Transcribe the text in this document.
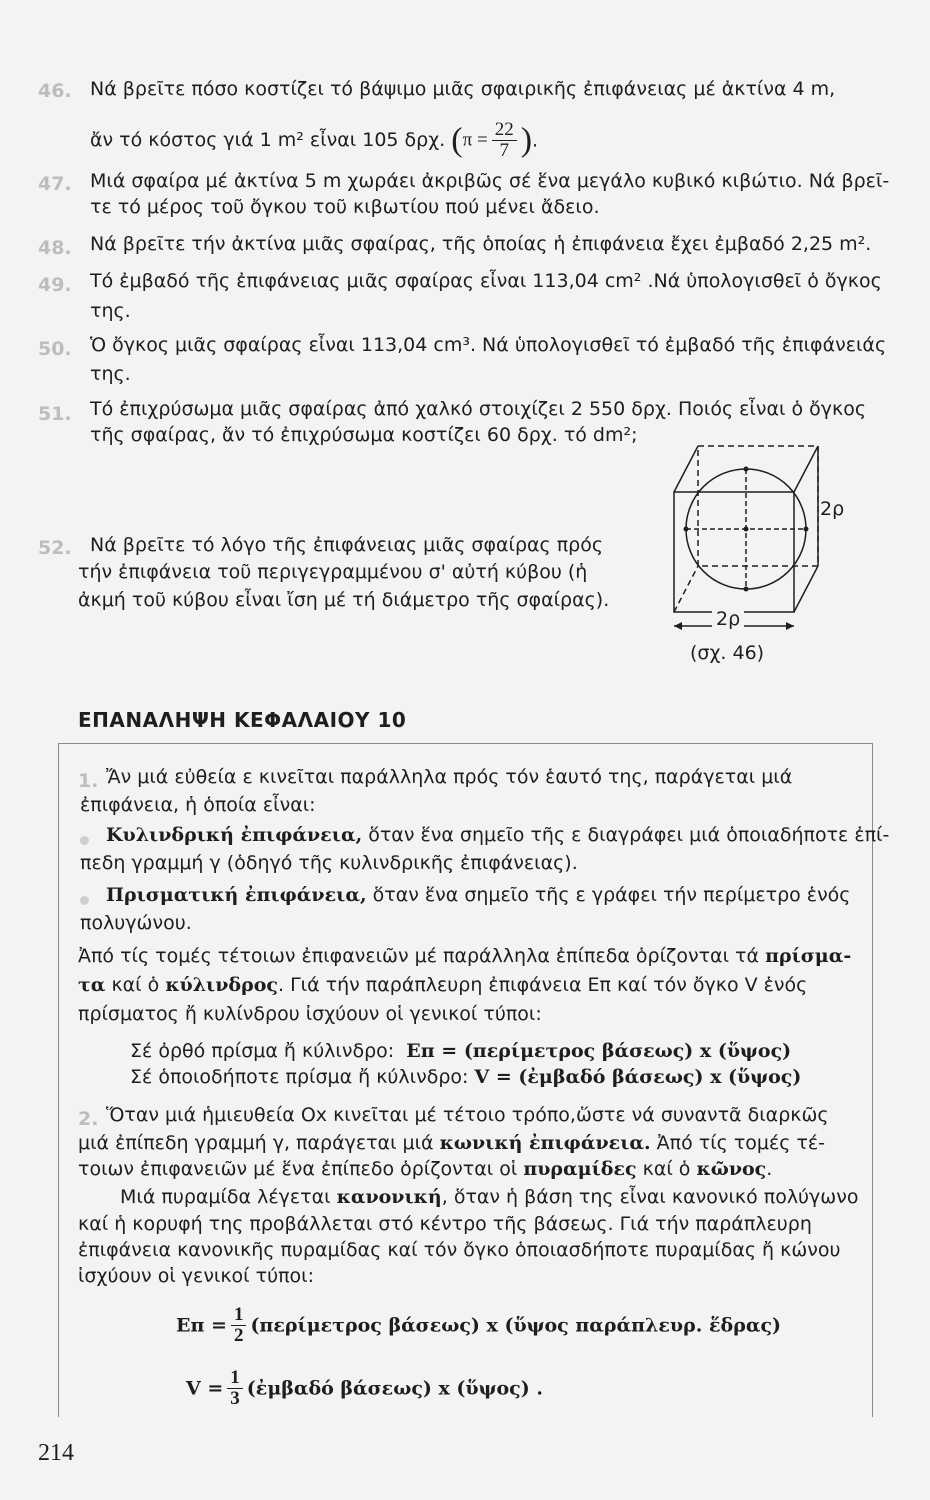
46. Νά βρεῖτε πόσο κοστίζει τό βάψιμο μιᾶς σφαιρικῆς ἐπιφάνειας μέ ἀκτίνα 4 m,
ἄν τό κόστος γιά 1 m² εἶναι 105 δρχ. ($\pi = \frac{22}{7}$ ).
47. Μιά σφαίρα μέ ἀκτίνα 5 m χωράει ἀκριβῶς σέ ἕνα μεγάλο κυβικό κιβώτιο. Νά βρεῖ-
τε τό μέρος τοῦ ὄγκου τοῦ κιβωτίου πού μένει ἄδειο.
48. Νά βρεῖτε τήν ἀκτίνα μιᾶς σφαίρας, τῆς ὁποίας ἡ ἐπιφάνεια ἔχει ἐμβαδό 2,25 m².
49. Τό ἐμβαδό τῆς ἐπιφάνειας μιᾶς σφαίρας εἶναι 113,04 cm² .Νά ὑπολογισθεῖ ὁ ὄγκος
της.
50. Ὁ ὄγκος μιᾶς σφαίρας εἶναι 113,04 cm³. Νά ὑπολογισθεῖ τό ἐμβαδό τῆς ἐπιφάνειάς
της.
51. Τό ἐπιχρύσωμα μιᾶς σφαίρας ἀπό χαλκό στοιχίζει 2 550 δρχ. Ποιός εἶναι ὁ ὄγκος
τῆς σφαίρας, ἄν τό ἐπιχρύσωμα κοστίζει 60 δρχ. τό dm²;
52. Νά βρεῖτε τό λόγο τῆς ἐπιφάνειας μιᾶς σφαίρας πρός
τήν ἐπιφάνεια τοῦ περιγεγραμμένου σ' αὐτή κύβου (ἡ
ἀκμή τοῦ κύβου εἶναι ἴση μέ τή διάμετρο τῆς σφαίρας).
2ρ
2ρ
(σχ. 46)
ΕΠΑΝΑΛΗΨΗ ΚΕΦΑΛΑΙΟΥ 10
1. Ἄν μιά εὐθεία ε κινεῖται παράλληλα πρός τόν ἑαυτό της, παράγεται μιά
ἐπιφάνεια, ἡ ὁποία εἶναι:
Κυλινδρική ἐπιφάνεια, ὅταν ἕνα σημεῖο τῆς ε διαγράφει μιά ὁποιαδήποτε ἐπί-
πεδη γραμμή γ (ὁδηγό τῆς κυλινδρικῆς ἐπιφάνειας).
Πρισματική ἐπιφάνεια, ὅταν ἕνα σημεῖο τῆς ε γράφει τήν περίμετρο ἑνός
πολυγώνου.
Ἀπό τίς τομές τέτοιων ἐπιφανειῶν μέ παράλληλα ἐπίπεδα ὁρίζονται τά πρίσμα-
τα καί ὁ κύλινδρος. Γιά τήν παράπλευρη ἐπιφάνεια Eπ καί τόν ὄγκο V ἑνός
πρίσματος ἤ κυλίνδρου ἰσχύουν οἱ γενικοί τύποι:
Σέ ὀρθό πρίσμα ἤ κύλινδρο: Eπ = (περίμετρος βάσεως) x (ὕψος)
Σέ ὁποιοδήποτε πρίσμα ἤ κύλινδρο: V = (ἐμβαδό βάσεως) x (ὕψος)
2. Ὅταν μιά ἡμιευθεία Οx κινεῖται μέ τέτοιο τρόπο,ὥστε νά συναντᾶ διαρκῶς
μιά ἐπίπεδη γραμμή γ, παράγεται μιά κωνική ἐπιφάνεια. Ἀπό τίς τομές τέ-
τοιων ἐπιφανειῶν μέ ἕνα ἐπίπεδο ὁρίζονται οἱ πυραμίδες καί ὁ κῶνος.
Μιά πυραμίδα λέγεται κανονική, ὅταν ἡ βάση της εἶναι κανονικό πολύγωνο
καί ἡ κορυφή της προβάλλεται στό κέντρο τῆς βάσεως. Γιά τήν παράπλευρη
ἐπιφάνεια κανονικῆς πυραμίδας καί τόν ὄγκο ὁποιασδήποτε πυραμίδας ἤ κώνου
ἰσχύουν οἱ γενικοί τύποι:
$E\pi = \frac{1}{2} (\pi\varepsilon\rho ί\mu\varepsilon\tau\rho o\varsigma$ βάσεως) x (ὕψος παράπλευρ. ἕδρας)
$V = \frac{1}{3}$ (ἐμβαδό βάσεως) x (ὕψος) .
214
